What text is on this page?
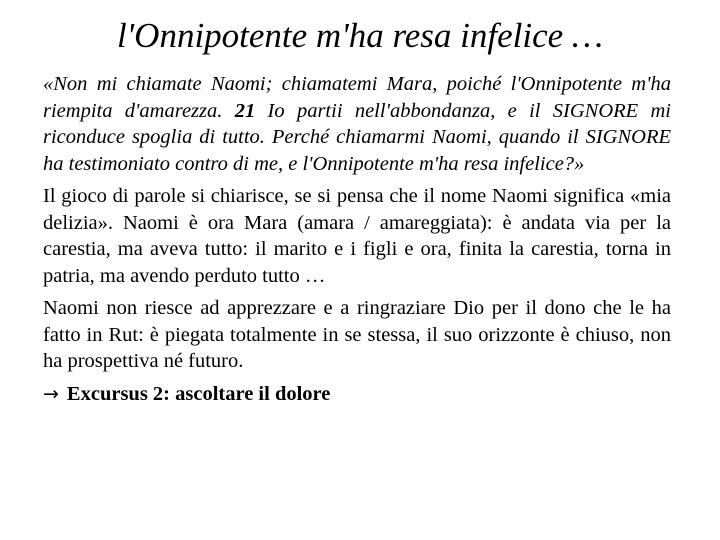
l'Onnipotente m'ha resa infelice …

«Non mi chiamate Naomi; chiamatemi Mara, poiché l'Onnipotente m'ha riempita d'amarezza. 21 Io partii nell'abbondanza, e il SIGNORE mi riconduce spoglia di tutto. Perché chiamarmi Naomi, quando il SIGNORE ha testimoniato contro di me, e l'Onnipotente m'ha resa infelice?»

Il gioco di parole si chiarisce, se si pensa che il nome Naomi significa «mia delizia». Naomi è ora Mara (amara / amareggiata): è andata via per la carestia, ma aveva tutto: il marito e i figli e ora, finita la carestia, torna in patria, ma avendo perduto tutto …

Naomi non riesce ad apprezzare e a ringraziare Dio per il dono che le ha fatto in Rut: è piegata totalmente in se stessa, il suo orizzonte è chiuso, non ha prospettiva né futuro.

→ Excursus 2: ascoltare il dolore
